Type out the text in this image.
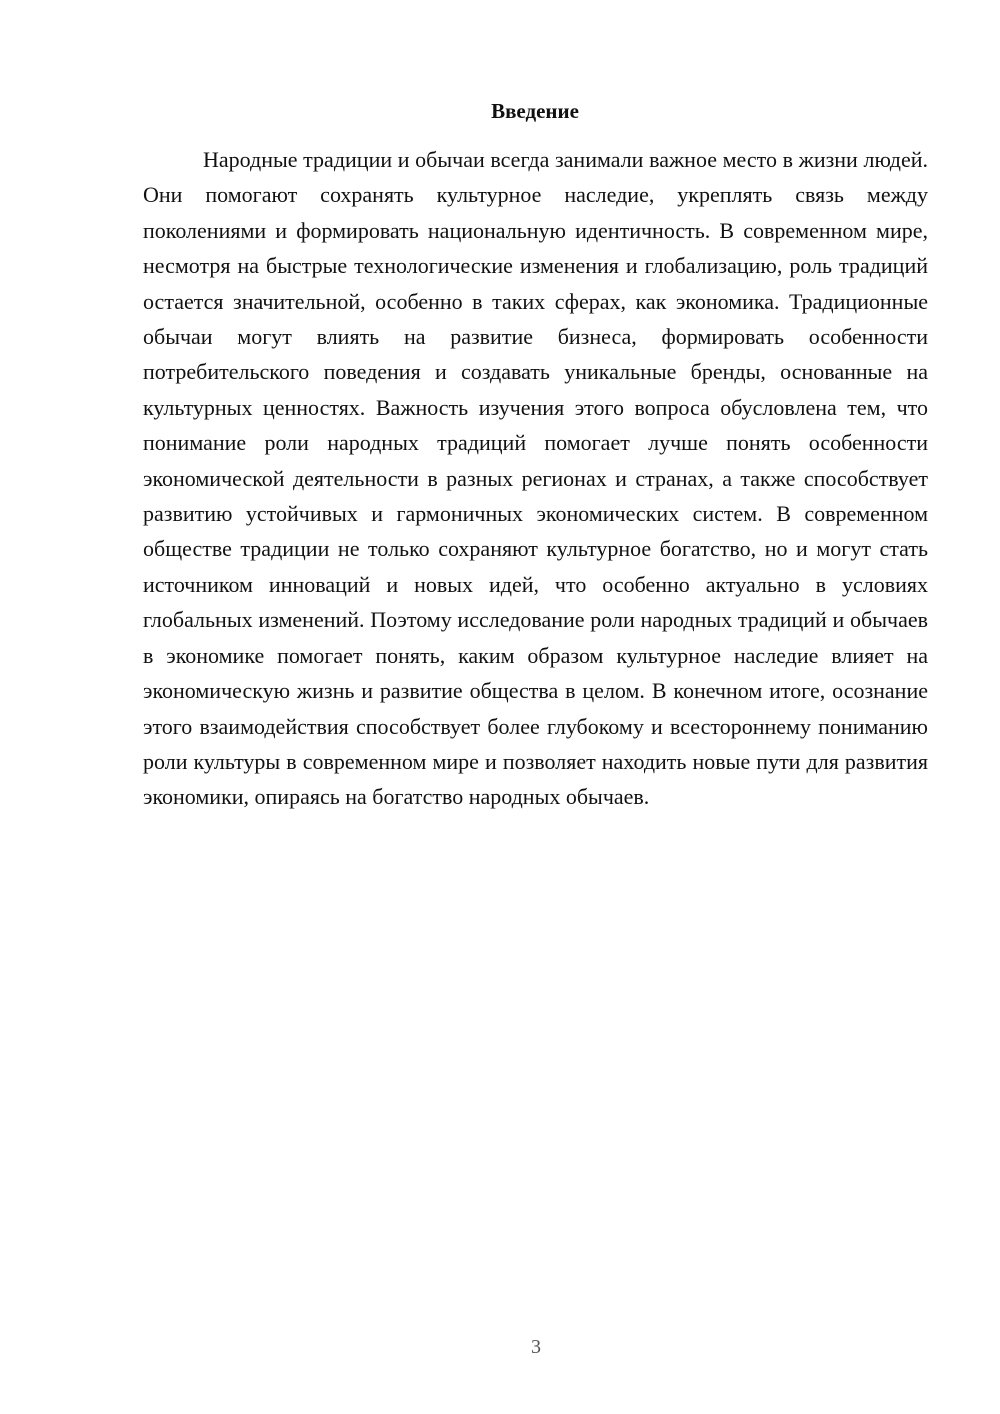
Введение

Народные традиции и обычаи всегда занимали важное место в жизни людей. Они помогают сохранять культурное наследие, укреплять связь между поколениями и формировать национальную идентичность. В современном мире, несмотря на быстрые технологические изменения и глобализацию, роль традиций остается значительной, особенно в таких сферах, как экономика. Традиционные обычаи могут влиять на развитие бизнеса, формировать особенности потребительского поведения и создавать уникальные бренды, основанные на культурных ценностях. Важность изучения этого вопроса обусловлена тем, что понимание роли народных традиций помогает лучше понять особенности экономической деятельности в разных регионах и странах, а также способствует развитию устойчивых и гармоничных экономических систем. В современном обществе традиции не только сохраняют культурное богатство, но и могут стать источником инноваций и новых идей, что особенно актуально в условиях глобальных изменений. Поэтому исследование роли народных традиций и обычаев в экономике помогает понять, каким образом культурное наследие влияет на экономическую жизнь и развитие общества в целом. В конечном итоге, осознание этого взаимодействия способствует более глубокому и всестороннему пониманию роли культуры в современном мире и позволяет находить новые пути для развития экономики, опираясь на богатство народных обычаев.

3
